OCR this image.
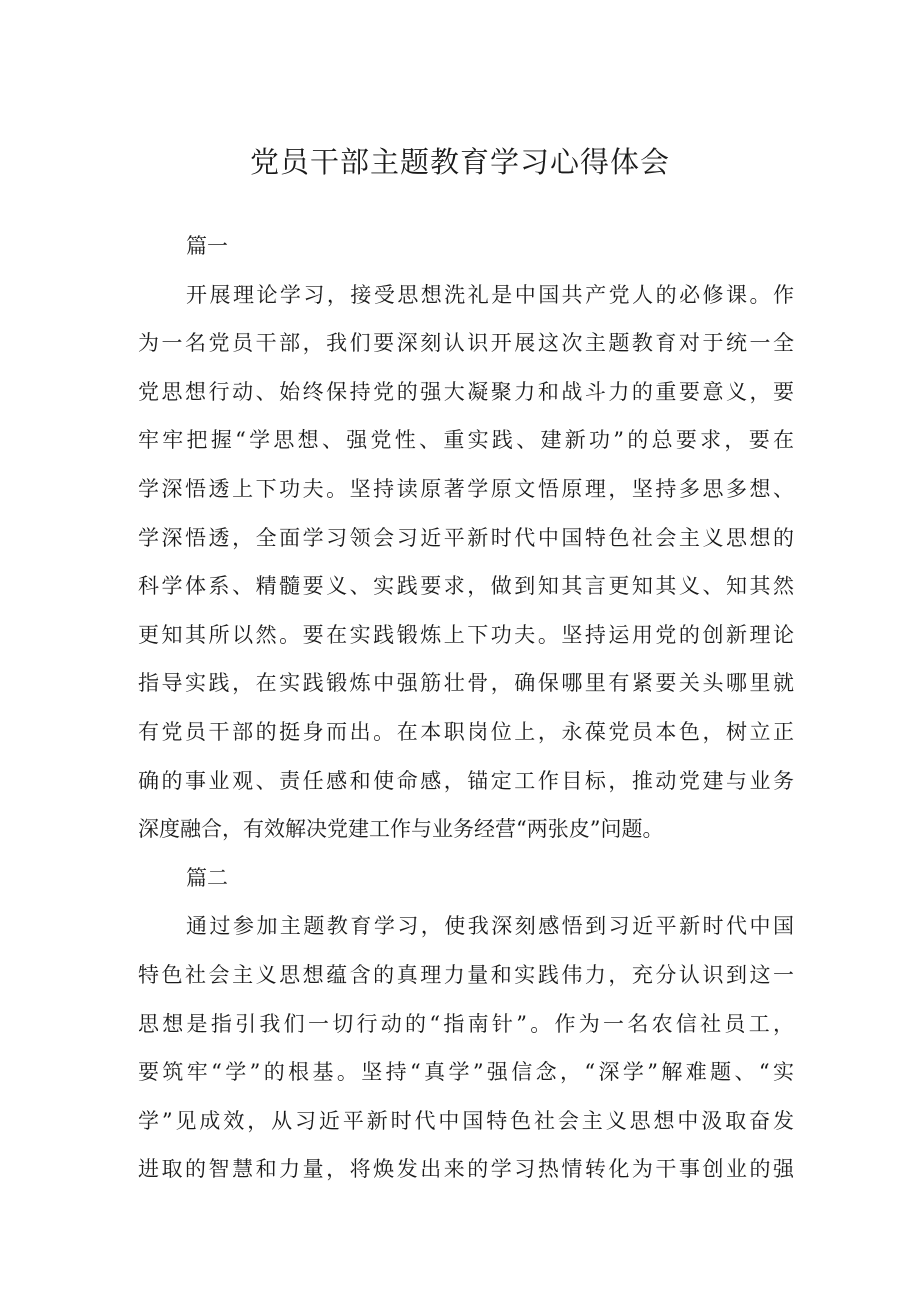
党员干部主题教育学习心得体会
篇一
开展理论学习，接受思想洗礼是中国共产党人的必修课。作
为一名党员干部，我们要深刻认识开展这次主题教育对于统一全
党思想行动、始终保持党的强大凝聚力和战斗力的重要意义，要
牢牢把握“学思想、强党性、重实践、建新功”的总要求，要在
学深悟透上下功夫。坚持读原著学原文悟原理，坚持多思多想、
学深悟透，全面学习领会习近平新时代中国特色社会主义思想的
科学体系、精髓要义、实践要求，做到知其言更知其义、知其然
更知其所以然。要在实践锻炼上下功夫。坚持运用党的创新理论
指导实践，在实践锻炼中强筋壮骨，确保哪里有紧要关头哪里就
有党员干部的挺身而出。在本职岗位上，永葆党员本色，树立正
确的事业观、责任感和使命感，锚定工作目标，推动党建与业务
深度融合，有效解决党建工作与业务经营“两张皮”问题。
篇二
通过参加主题教育学习，使我深刻感悟到习近平新时代中国
特色社会主义思想蕴含的真理力量和实践伟力，充分认识到这一
思想是指引我们一切行动的“指南针”。作为一名农信社员工，
要筑牢“学”的根基。坚持“真学”强信念，“深学”解难题、“实
学”见成效，从习近平新时代中国特色社会主义思想中汲取奋发
进取的智慧和力量，将焕发出来的学习热情转化为干事创业的强
